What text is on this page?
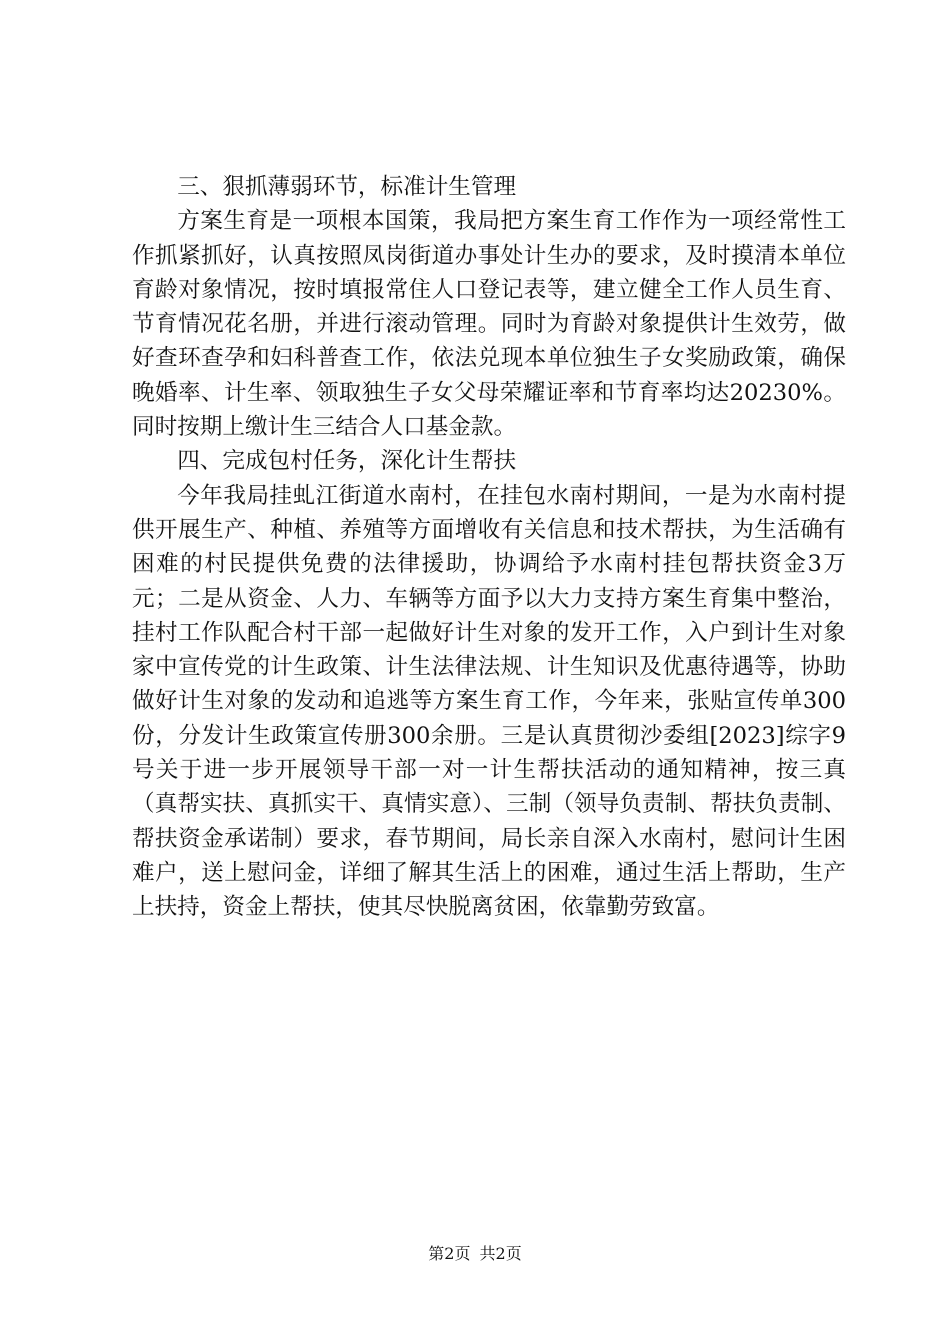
三、狠抓薄弱环节，标准计生管理

方案生育是一项根本国策，我局把方案生育工作作为一项经常性工作抓紧抓好，认真按照凤岗街道办事处计生办的要求，及时摸清本单位育龄对象情况，按时填报常住人口登记表等，建立健全工作人员生育、节育情况花名册，并进行滚动管理。同时为育龄对象提供计生效劳，做好查环查孕和妇科普查工作，依法兑现本单位独生子女奖励政策，确保晚婚率、计生率、领取独生子女父母荣耀证率和节育率均达20230%。同时按期上缴计生三结合人口基金款。

四、完成包村任务，深化计生帮扶

今年我局挂虬江街道水南村，在挂包水南村期间，一是为水南村提供开展生产、种植、养殖等方面增收有关信息和技术帮扶，为生活确有困难的村民提供免费的法律援助，协调给予水南村挂包帮扶资金3万元；二是从资金、人力、车辆等方面予以大力支持方案生育集中整治，挂村工作队配合村干部一起做好计生对象的发开工作，入户到计生对象家中宣传党的计生政策、计生法律法规、计生知识及优惠待遇等，协助做好计生对象的发动和追逃等方案生育工作，今年来，张贴宣传单300份，分发计生政策宣传册300余册。三是认真贯彻沙委组[2023]综字9号关于进一步开展领导干部一对一计生帮扶活动的通知精神，按三真（真帮实扶、真抓实干、真情实意）、三制（领导负责制、帮扶负责制、帮扶资金承诺制）要求，春节期间，局长亲自深入水南村，慰问计生困难户，送上慰问金，详细了解其生活上的困难，通过生活上帮助，生产上扶持，资金上帮扶，使其尽快脱离贫困，依靠勤劳致富。

第2页 共2页
